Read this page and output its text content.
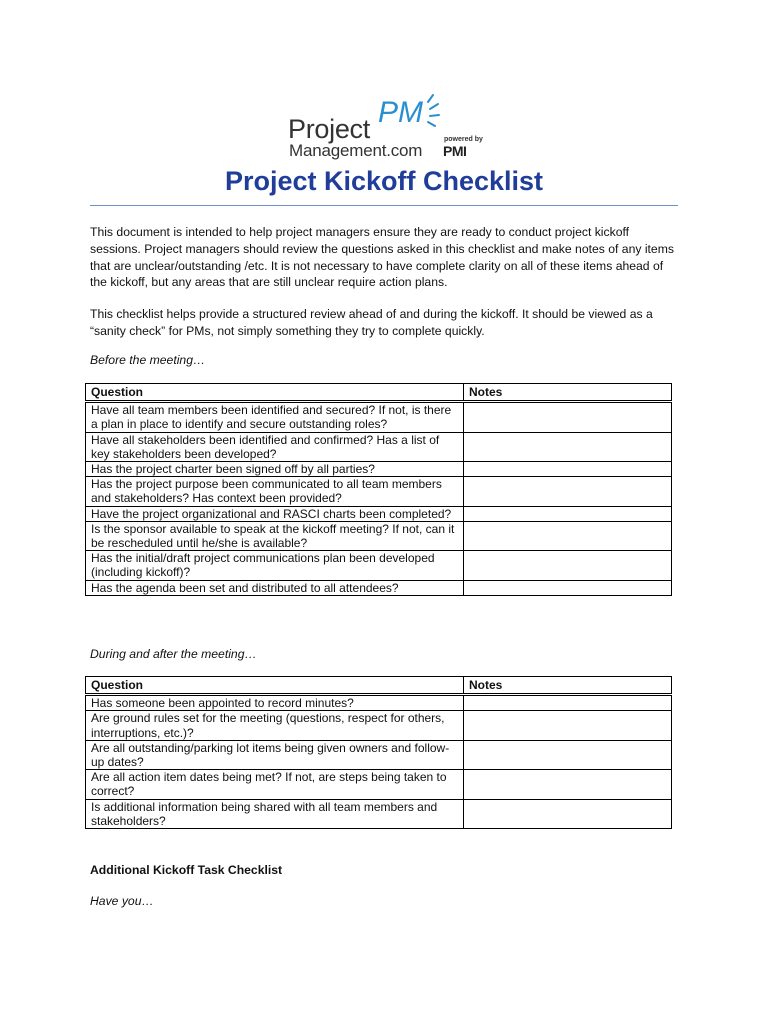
Project PM
Management.com
powered by
PMI
Project Kickoff Checklist

This document is intended to help project managers ensure they are ready to conduct project kickoff sessions. Project managers should review the questions asked in this checklist and make notes of any items that are unclear/outstanding /etc. It is not necessary to have complete clarity on all of these items ahead of the kickoff, but any areas that are still unclear require action plans.

This checklist helps provide a structured review ahead of and during the kickoff. It should be viewed as a “sanity check” for PMs, not simply something they try to complete quickly.

Before the meeting…

Question	Notes
Have all team members been identified and secured? If not, is there a plan in place to identify and secure outstanding roles?	
Have all stakeholders been identified and confirmed? Has a list of key stakeholders been developed?	
Has the project charter been signed off by all parties?	
Has the project purpose been communicated to all team members and stakeholders? Has context been provided?	
Have the project organizational and RASCI charts been completed?	
Is the sponsor available to speak at the kickoff meeting? If not, can it be rescheduled until he/she is available?	
Has the initial/draft project communications plan been developed (including kickoff)?	
Has the agenda been set and distributed to all attendees?	

During and after the meeting…

Question	Notes
Has someone been appointed to record minutes?	
Are ground rules set for the meeting (questions, respect for others, interruptions, etc.)?	
Are all outstanding/parking lot items being given owners and follow-up dates?	
Are all action item dates being met? If not, are steps being taken to correct?	
Is additional information being shared with all team members and stakeholders?	

Additional Kickoff Task Checklist

Have you…
